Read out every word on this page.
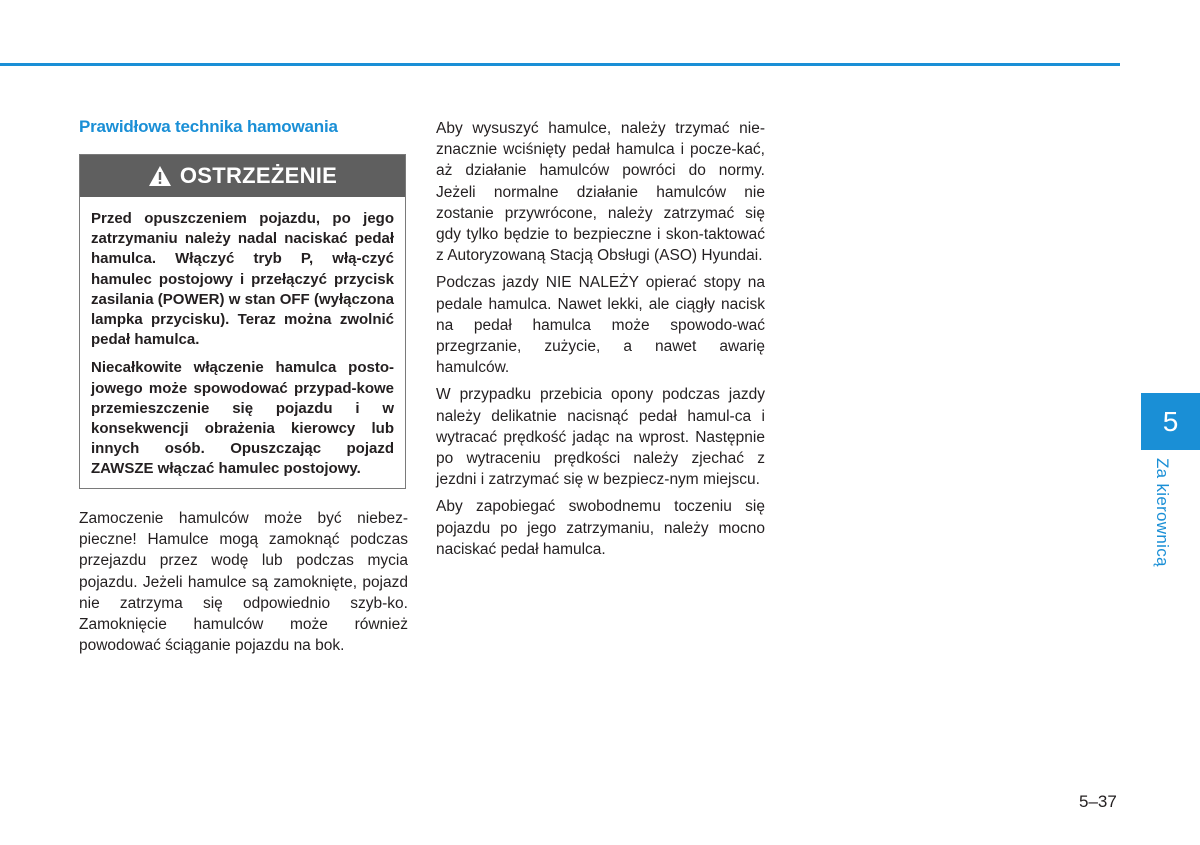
Prawidłowa technika hamowania
OSTRZEŻENIE

Przed opuszczeniem pojazdu, po jego zatrzymaniu należy nadal naciskać pedał hamulca. Włączyć tryb P, włą-czyć hamulec postojowy i przełączyć przycisk zasilania (POWER) w stan OFF (wyłączona lampka przycisku). Teraz można zwolnić pedał hamulca.

Niecałkowite włączenie hamulca posto-jowego może spowodować przypad-kowe przemieszczenie się pojazdu i w konsekwencji obrażenia kierowcy lub innych osób. Opuszczając pojazd ZAWSZE włączać hamulec postojowy.

Zamoczenie hamulców może być niebez-pieczne! Hamulce mogą zamoknąć podczas przejazdu przez wodę lub podczas mycia pojazdu. Jeżeli hamulce są zamoknięte, pojazd nie zatrzyma się odpowiednio szyb-ko. Zamoknięcie hamulców może również powodować ściąganie pojazdu na bok.

Aby wysuszyć hamulce, należy trzymać nie-znacznie wciśnięty pedał hamulca i pocze-kać, aż działanie hamulców powróci do normy. Jeżeli normalne działanie hamulców nie zostanie przywrócone, należy zatrzymać się gdy tylko będzie to bezpieczne i skon-taktować z Autoryzowaną Stacją Obsługi (ASO) Hyundai.

Podczas jazdy NIE NALEŻY opierać stopy na pedale hamulca. Nawet lekki, ale ciągły nacisk na pedał hamulca może spowodo-wać przegrzanie, zużycie, a nawet awarię hamulców.

W przypadku przebicia opony podczas jazdy należy delikatnie nacisnąć pedał hamul-ca i wytracać prędkość jadąc na wprost. Następnie po wytraceniu prędkości należy zjechać z jezdni i zatrzymać się w bezpiecz-nym miejscu.

Aby zapobiegać swobodnemu toczeniu się pojazdu po jego zatrzymaniu, należy mocno naciskać pedał hamulca.

5
Za kierownicą
5–37
